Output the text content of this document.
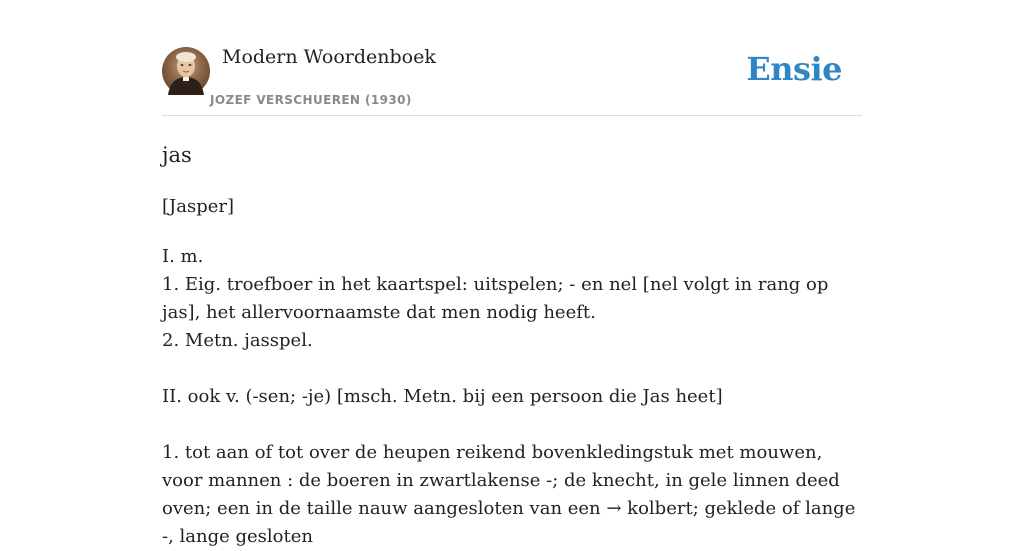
Modern Woordenboek
JOZEF VERSCHUEREN (1930)
Ensie
jas
[Jasper]
I. m.
1. Eig. troefboer in het kaartspel: uitspelen; - en nel [nel volgt in rang op jas], het allervoornaamste dat men nodig heeft.
2. Metn. jasspel.
II. ook v. (-sen; -je) [msch. Metn. bij een persoon die Jas heet]
1. tot aan of tot over de heupen reikend bovenkledingstuk met mouwen, voor mannen : de boeren in zwartlakense -; de knecht, in gele linnen deed oven; een in de taille nauw aangesloten van een → kolbert; geklede of lange -, lange gesloten
